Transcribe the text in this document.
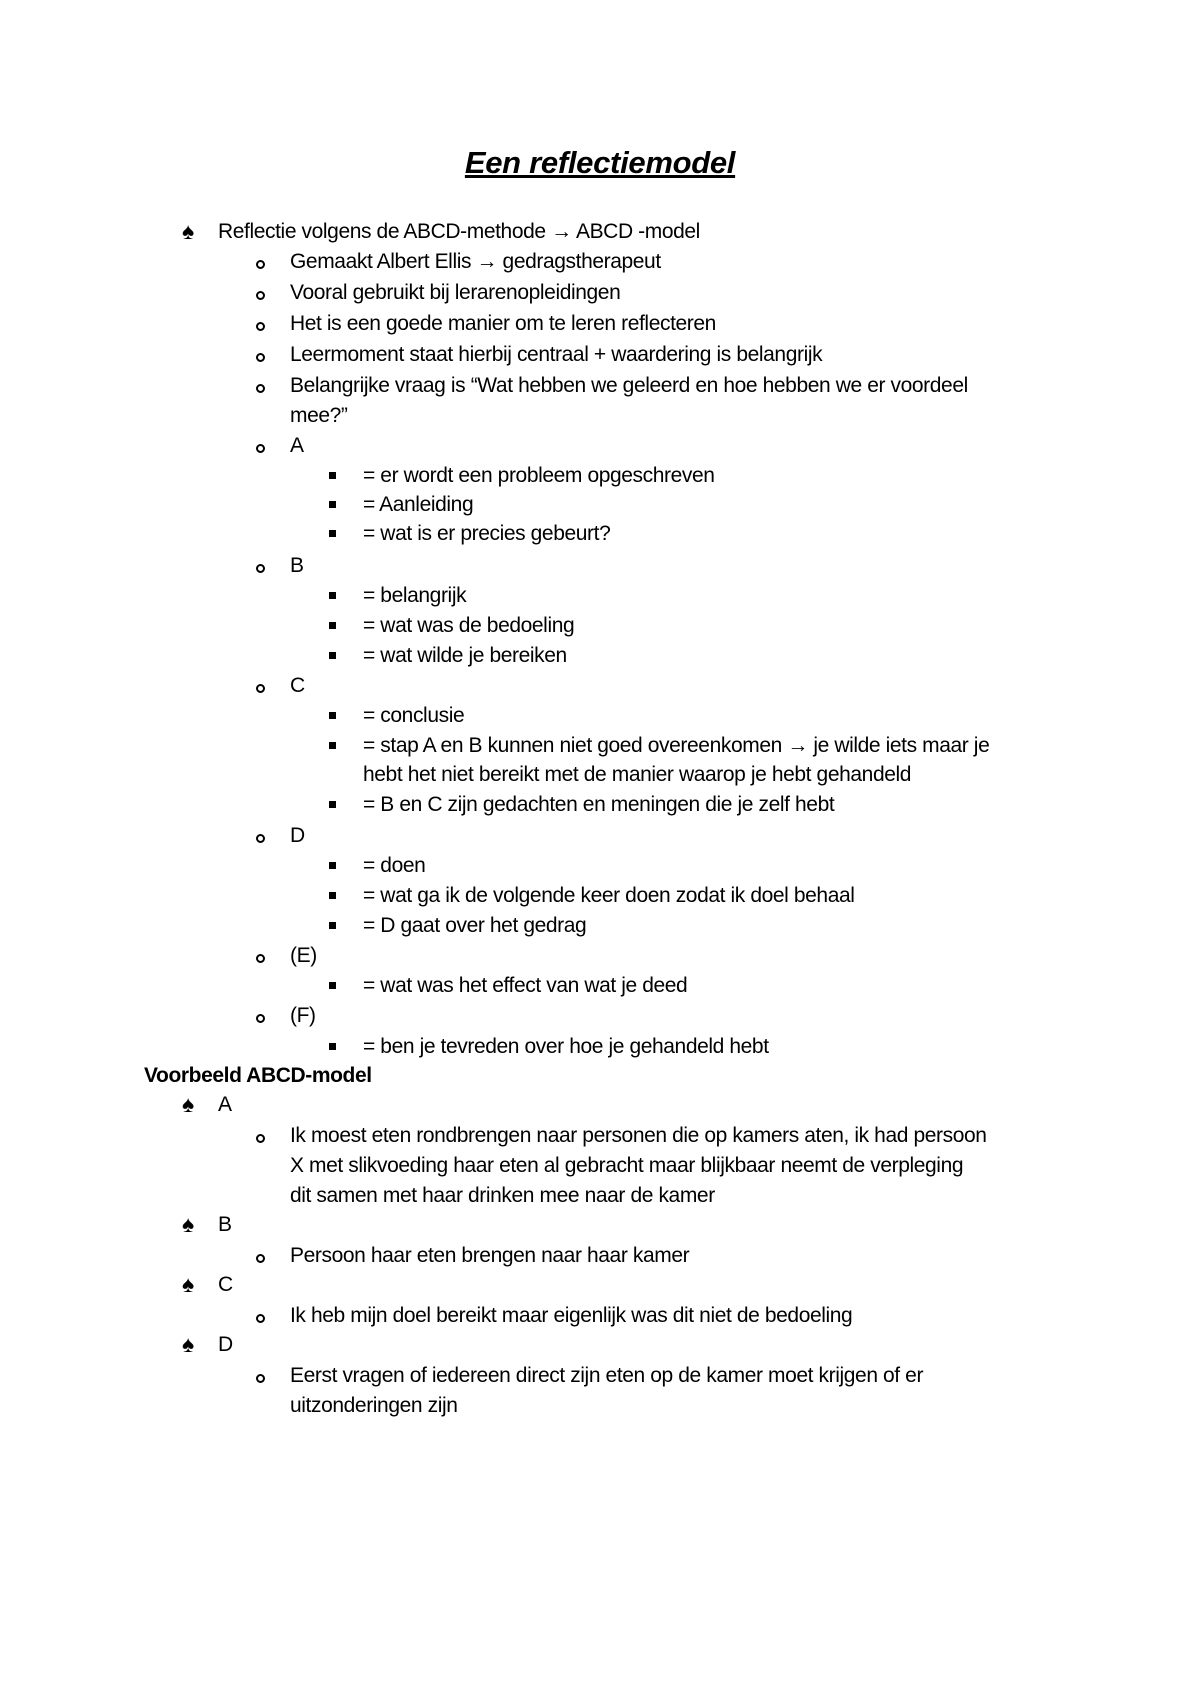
Een reflectiemodel
♠ Reflectie volgens de ABCD-methode → ABCD -model
Gemaakt Albert Ellis → gedragstherapeut
Vooral gebruikt bij lerarenopleidingen
Het is een goede manier om te leren reflecteren
Leermoment staat hierbij centraal + waardering is belangrijk
Belangrijke vraag is “Wat hebben we geleerd en hoe hebben we er voordeel
mee?”
A
= er wordt een probleem opgeschreven
= Aanleiding
= wat is er precies gebeurt?
B
= belangrijk
= wat was de bedoeling
= wat wilde je bereiken
C
= conclusie
= stap A en B kunnen niet goed overeenkomen → je wilde iets maar je
hebt het niet bereikt met de manier waarop je hebt gehandeld
= B en C zijn gedachten en meningen die je zelf hebt
D
= doen
= wat ga ik de volgende keer doen zodat ik doel behaal
= D gaat over het gedrag
(E)
= wat was het effect van wat je deed
(F)
= ben je tevreden over hoe je gehandeld hebt
Voorbeeld ABCD-model
♠ A
Ik moest eten rondbrengen naar personen die op kamers aten, ik had persoon
X met slikvoeding haar eten al gebracht maar blijkbaar neemt de verpleging
dit samen met haar drinken mee naar de kamer
♠ B
Persoon haar eten brengen naar haar kamer
♠ C
Ik heb mijn doel bereikt maar eigenlijk was dit niet de bedoeling
♠ D
Eerst vragen of iedereen direct zijn eten op de kamer moet krijgen of er
uitzonderingen zijn
